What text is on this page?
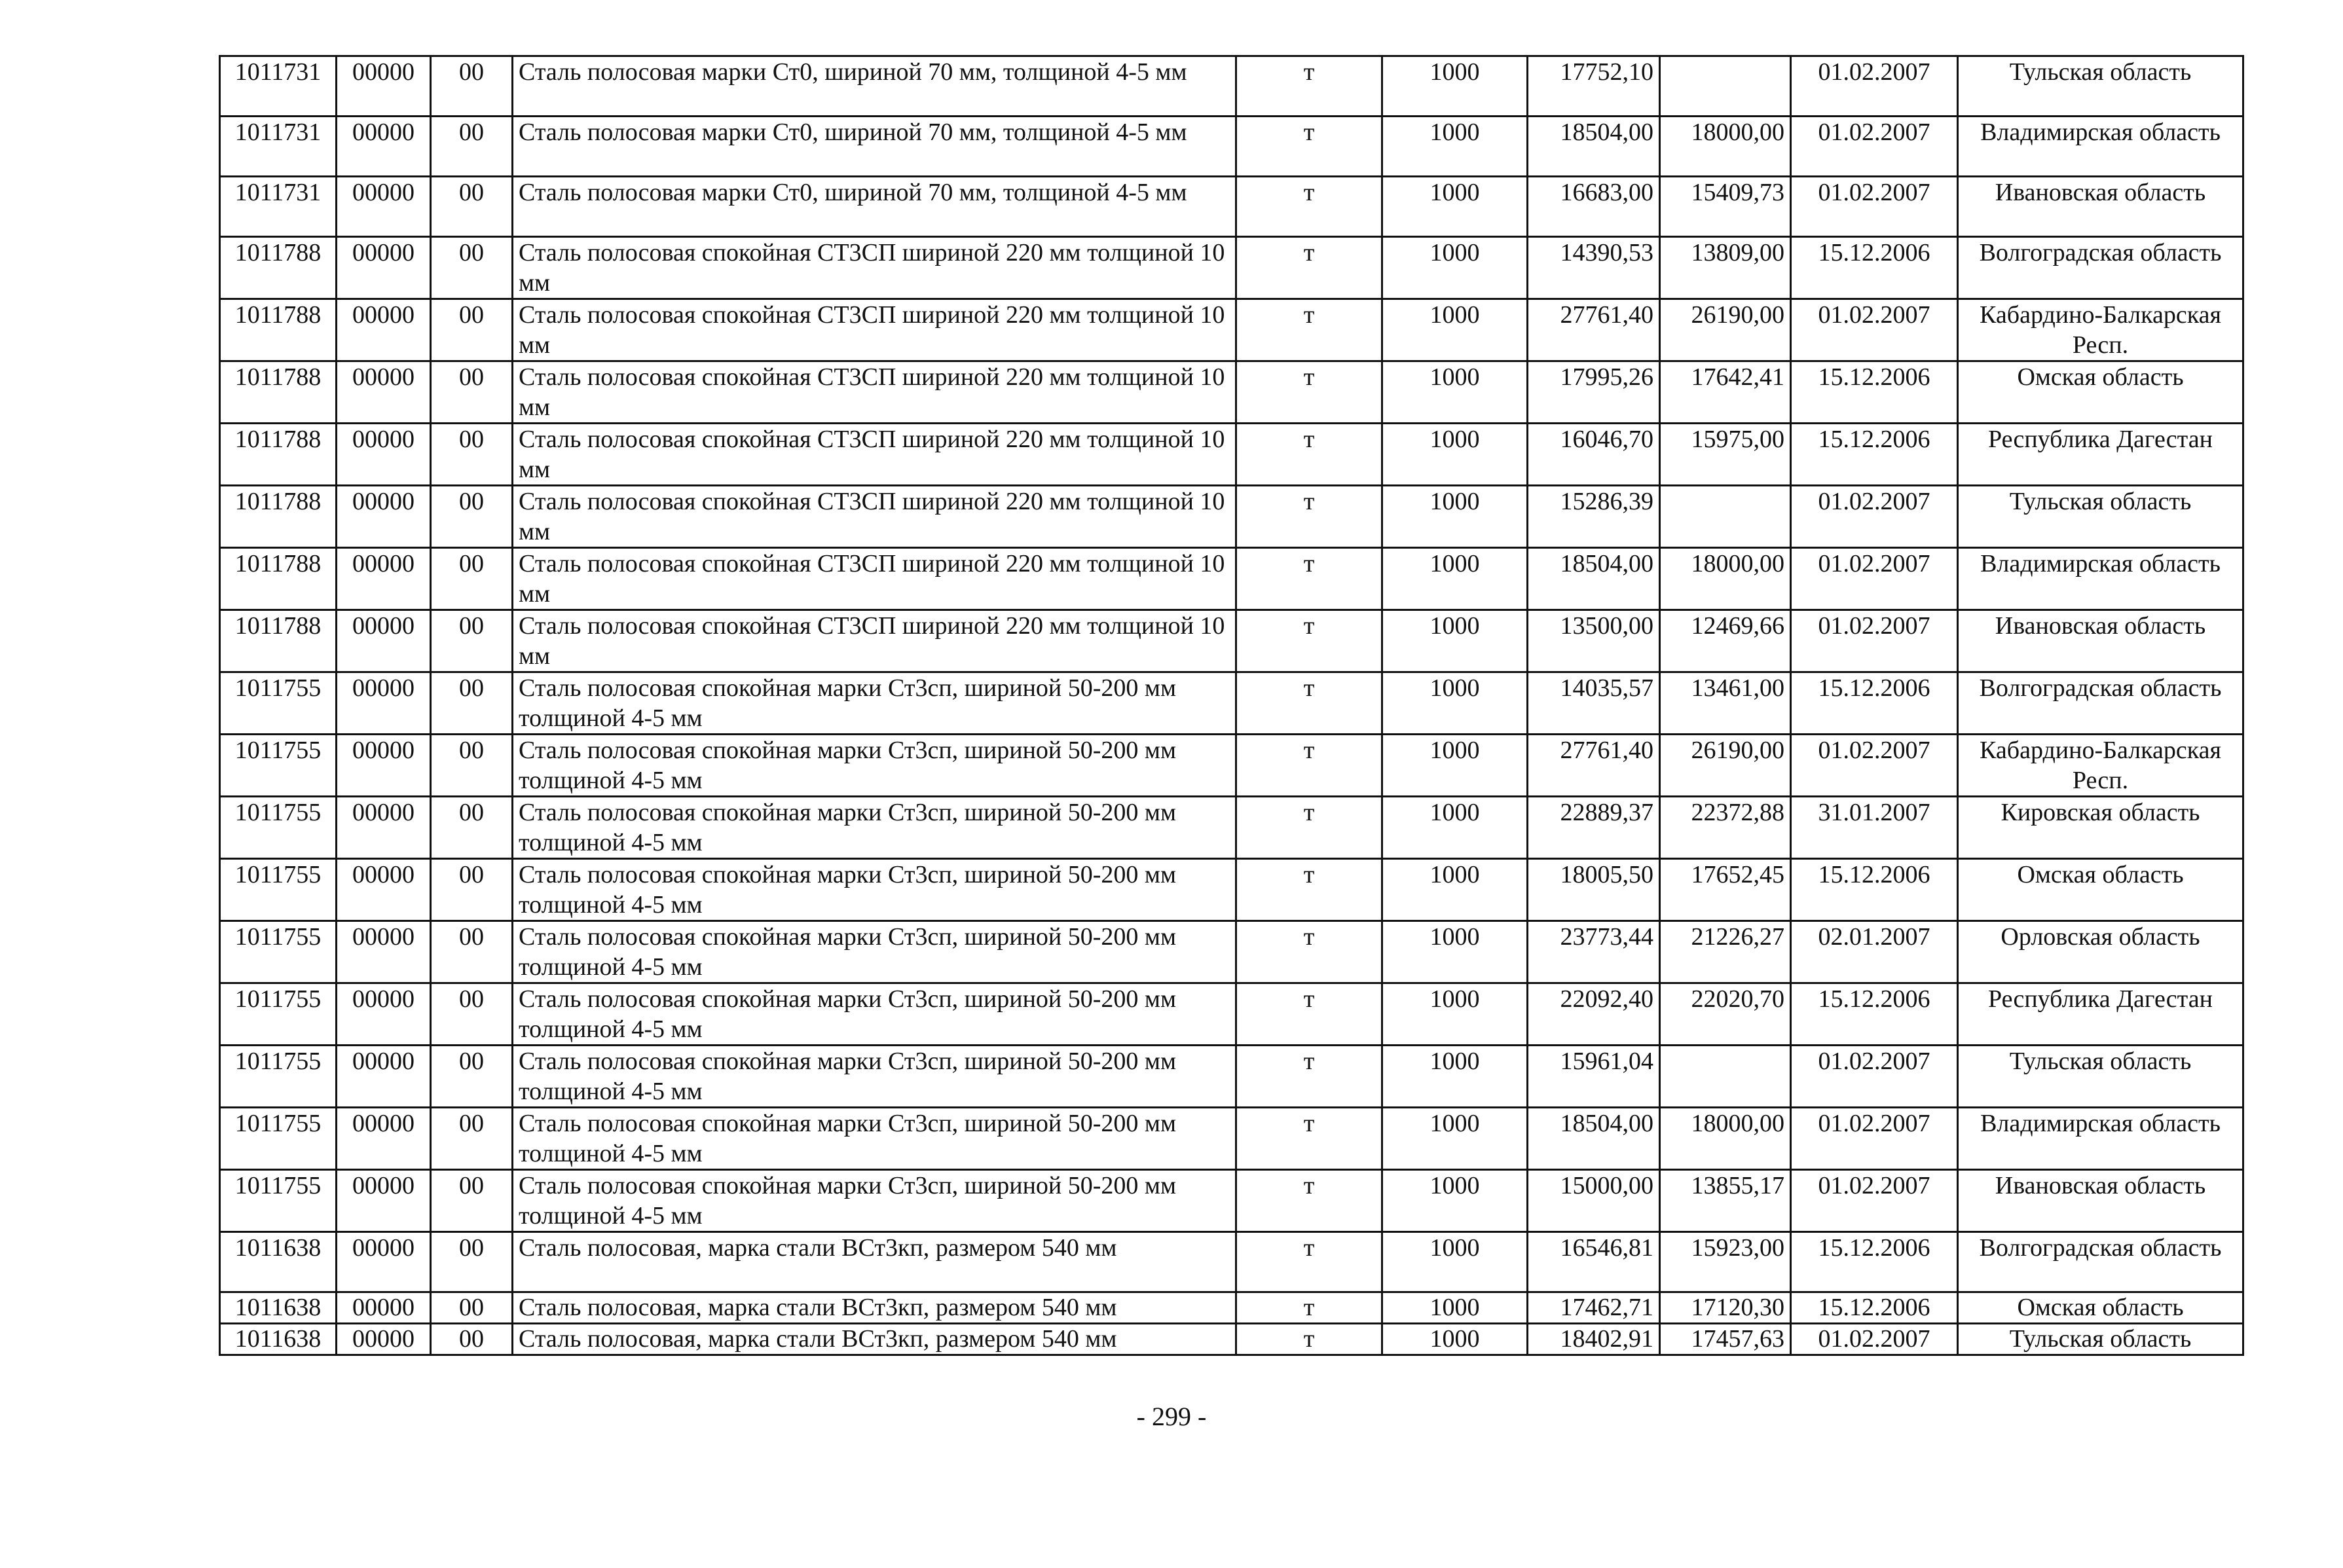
1011731	00000	00	Сталь полосовая марки Ст0, шириной 70 мм, толщиной 4-5 мм	т	1000	17752,10		01.02.2007	Тульская область
1011731	00000	00	Сталь полосовая марки Ст0, шириной 70 мм, толщиной 4-5 мм	т	1000	18504,00	18000,00	01.02.2007	Владимирская область
1011731	00000	00	Сталь полосовая марки Ст0, шириной 70 мм, толщиной 4-5 мм	т	1000	16683,00	15409,73	01.02.2007	Ивановская область
1011788	00000	00	Сталь полосовая спокойная СТ3СП шириной 220 мм толщиной 10 мм	т	1000	14390,53	13809,00	15.12.2006	Волгоградская область
1011788	00000	00	Сталь полосовая спокойная СТ3СП шириной 220 мм толщиной 10 мм	т	1000	27761,40	26190,00	01.02.2007	Кабардино-Балкарская Респ.
1011788	00000	00	Сталь полосовая спокойная СТ3СП шириной 220 мм толщиной 10 мм	т	1000	17995,26	17642,41	15.12.2006	Омская область
1011788	00000	00	Сталь полосовая спокойная СТ3СП шириной 220 мм толщиной 10 мм	т	1000	16046,70	15975,00	15.12.2006	Республика Дагестан
1011788	00000	00	Сталь полосовая спокойная СТ3СП шириной 220 мм толщиной 10 мм	т	1000	15286,39		01.02.2007	Тульская область
1011788	00000	00	Сталь полосовая спокойная СТ3СП шириной 220 мм толщиной 10 мм	т	1000	18504,00	18000,00	01.02.2007	Владимирская область
1011788	00000	00	Сталь полосовая спокойная СТ3СП шириной 220 мм толщиной 10 мм	т	1000	13500,00	12469,66	01.02.2007	Ивановская область
1011755	00000	00	Сталь полосовая спокойная марки Ст3сп, шириной 50-200 мм толщиной 4-5 мм	т	1000	14035,57	13461,00	15.12.2006	Волгоградская область
1011755	00000	00	Сталь полосовая спокойная марки Ст3сп, шириной 50-200 мм толщиной 4-5 мм	т	1000	27761,40	26190,00	01.02.2007	Кабардино-Балкарская Респ.
1011755	00000	00	Сталь полосовая спокойная марки Ст3сп, шириной 50-200 мм толщиной 4-5 мм	т	1000	22889,37	22372,88	31.01.2007	Кировская область
1011755	00000	00	Сталь полосовая спокойная марки Ст3сп, шириной 50-200 мм толщиной 4-5 мм	т	1000	18005,50	17652,45	15.12.2006	Омская область
1011755	00000	00	Сталь полосовая спокойная марки Ст3сп, шириной 50-200 мм толщиной 4-5 мм	т	1000	23773,44	21226,27	02.01.2007	Орловская область
1011755	00000	00	Сталь полосовая спокойная марки Ст3сп, шириной 50-200 мм толщиной 4-5 мм	т	1000	22092,40	22020,70	15.12.2006	Республика Дагестан
1011755	00000	00	Сталь полосовая спокойная марки Ст3сп, шириной 50-200 мм толщиной 4-5 мм	т	1000	15961,04		01.02.2007	Тульская область
1011755	00000	00	Сталь полосовая спокойная марки Ст3сп, шириной 50-200 мм толщиной 4-5 мм	т	1000	18504,00	18000,00	01.02.2007	Владимирская область
1011755	00000	00	Сталь полосовая спокойная марки Ст3сп, шириной 50-200 мм толщиной 4-5 мм	т	1000	15000,00	13855,17	01.02.2007	Ивановская область
1011638	00000	00	Сталь полосовая, марка стали ВСт3кп, размером 540 мм	т	1000	16546,81	15923,00	15.12.2006	Волгоградская область
1011638	00000	00	Сталь полосовая, марка стали ВСт3кп, размером 540 мм	т	1000	17462,71	17120,30	15.12.2006	Омская область
1011638	00000	00	Сталь полосовая, марка стали ВСт3кп, размером 540 мм	т	1000	18402,91	17457,63	01.02.2007	Тульская область
- 299 -
